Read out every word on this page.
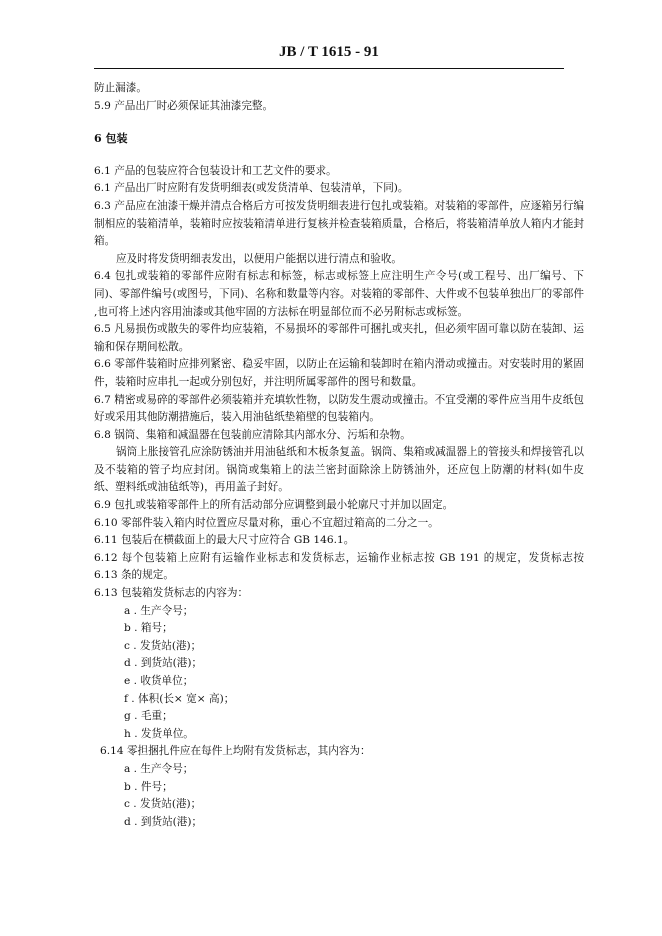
JB / T 1615 - 91

防止漏漆。

5.9 产品出厂时必须保证其油漆完整。

6 包装

6.1 产品的包装应符合包装设计和工艺文件的要求。

6.1 产品出厂时应附有发货明细表(或发货清单、包装清单，下同)。

6.3 产品应在油漆干燥并清点合格后方可按发货明细表进行包扎或装箱。对装箱的零部件，应逐箱另行编制相应的装箱清单，装箱时应按装箱清单进行复核并检查装箱质量，合格后，将装箱清单放人箱内才能封箱。

应及时将发货明细表发出，以便用户能据以进行清点和验收。

6.4 包扎或装箱的零部件应附有标志和标签，标志或标签上应注明生产令号(或工程号、出厂编号、下同)、零部件编号(或图号，下同)、名称和数量等内容。对装箱的零部件、大件或不包装单独出厂的零部件 ,也可将上述内容用油漆或其他牢固的方法标在明显部位而不必另附标志或标签。

6.5 凡易损伤或散失的零件均应装箱，不易损坏的零部件可捆扎或夹扎，但必须牢固可靠以防在装卸、运输和保存期间松散。

6.6 零部件装箱时应排列紧密、稳妥牢固，以防止在运输和装卸时在箱内滑动或撞击。对安装时用的紧固件，装箱时应串扎一起或分别包好，并注明所属零部件的图号和数量。

6.7 精密或易碎的零部件必须装箱并充填软性物，以防发生震动或撞击。不宜受潮的零件应当用牛皮纸包好或采用其他防潮措施后，装入用油毡纸垫箱壁的包装箱内。

6.8 锅筒、集箱和减温器在包装前应清除其内部水分、污垢和杂物。

锅筒上胀接管孔应涂防锈油并用油毡纸和木板条复盖。锅筒、集箱或减温器上的管接头和焊接管孔以及不装箱的管子均应封闭。锅筒或集箱上的法兰密封面除涂上防锈油外，还应包上防潮的材料(如牛皮纸、塑料纸或油毡纸等)，再用盖子封好。

6.9 包扎或装箱零部件上的所有活动部分应调整到最小轮廓尺寸并加以固定。

6.10 零部件装入箱内时位置应尽量对称，重心不宜超过箱高的二分之一。

6.11 包装后在横截面上的最大尺寸应符合 GB 146.1。

6.12 每个包装箱上应附有运输作业标志和发货标志，运输作业标志按 GB 191 的规定，发货标志按 6.13 条的规定。

6.13 包装箱发货标志的内容为：

a . 生产令号；

b . 箱号；

c . 发货站(港)；

d . 到货站(港)；

e . 收货单位；

f . 体积(长× 宽× 高)；

g . 毛重；

h . 发货单位。

6.14 零担捆扎件应在每件上均附有发货标志，其内容为：

a . 生产令号；

b . 件号；

c . 发货站(港)；

d . 到货站(港)；
